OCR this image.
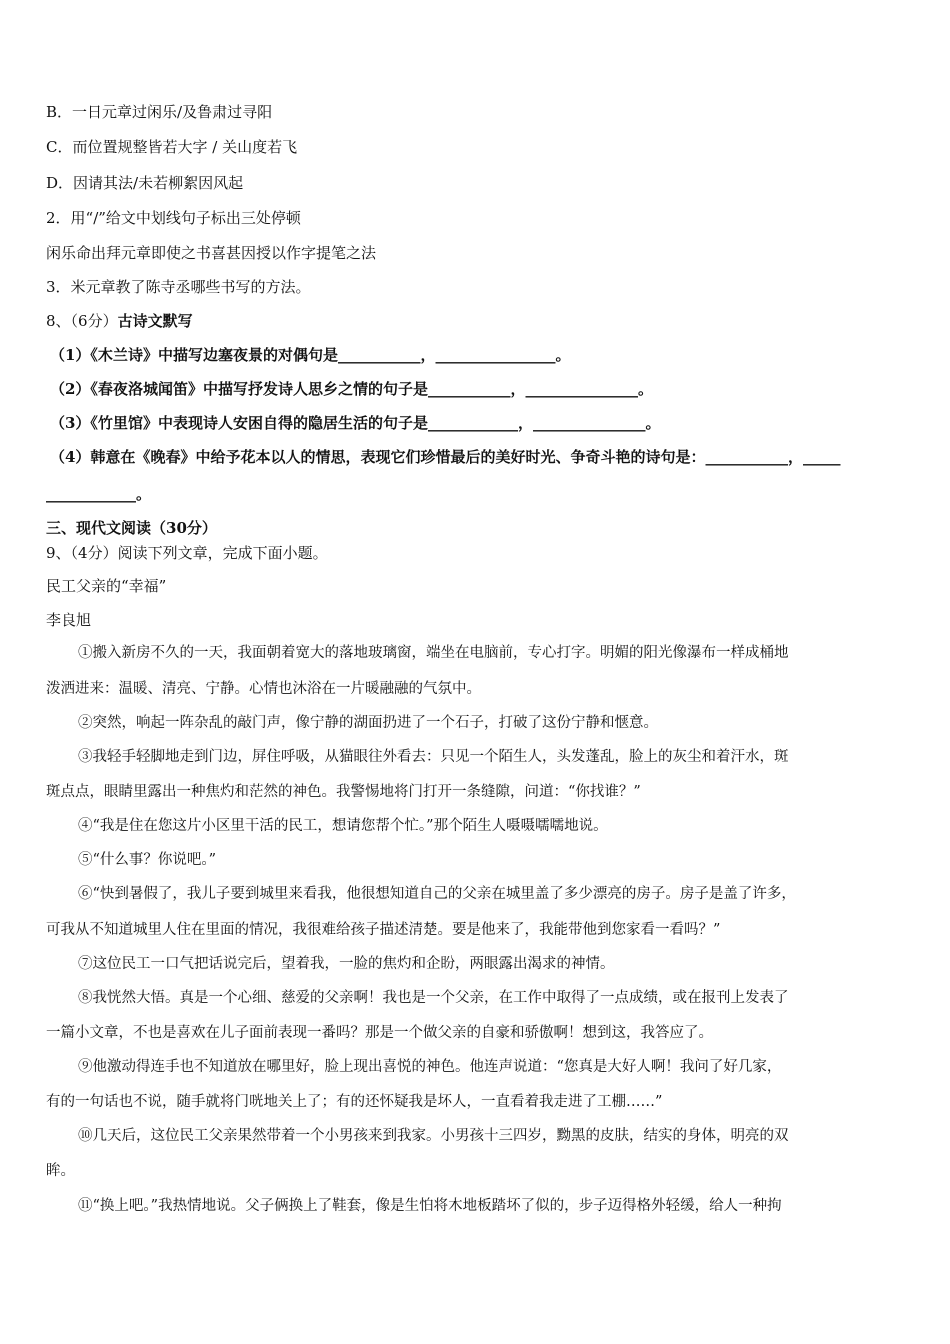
B．一日元章过闲乐/及鲁肃过寻阳
C．而位置规整皆若大字 / 关山度若飞
D．因请其法/未若柳絮因风起
2．用“/”给文中划线句子标出三处停顿
闲乐命出拜元章即使之书喜甚因授以作字提笔之法
3．米元章教了陈寺丞哪些书写的方法。
8、（6分）古诗文默写
（1）《木兰诗》中描写边塞夜景的对偶句是___________，________________。
（2）《春夜洛城闻笛》中描写抒发诗人思乡之情的句子是___________，_______________。
（3）《竹里馆》中表现诗人安困自得的隐居生活的句子是____________，_______________。
（4）韩意在《晚春》中给予花本以人的情思，表现它们珍惜最后的美好时光、争奇斗艳的诗句是：___________，_____
____________。
三、现代文阅读（30分）
9、（4分）阅读下列文章，完成下面小题。
民工父亲的“幸福”
李良旭
①搬入新房不久的一天，我面朝着宽大的落地玻璃窗，端坐在电脑前，专心打字。明媚的阳光像瀑布一样成桶地
泼洒进来：温暖、清亮、宁静。心情也沐浴在一片暖融融的气氛中。
②突然，响起一阵杂乱的敲门声，像宁静的湖面扔进了一个石子，打破了这份宁静和惬意。
③我轻手轻脚地走到门边，屏住呼吸，从猫眼往外看去：只见一个陌生人，头发蓬乱，脸上的灰尘和着汗水，斑
斑点点，眼睛里露出一种焦灼和茫然的神色。我警惕地将门打开一条缝隙，问道：“你找谁？”
④“我是住在您这片小区里干活的民工，想请您帮个忙。”那个陌生人嗫嗫嚅嚅地说。
⑤“什么事？你说吧。”
⑥“快到暑假了，我儿子要到城里来看我，他很想知道自己的父亲在城里盖了多少漂亮的房子。房子是盖了许多，
可我从不知道城里人住在里面的情况，我很难给孩子描述清楚。要是他来了，我能带他到您家看一看吗？”
⑦这位民工一口气把话说完后，望着我，一脸的焦灼和企盼，两眼露出渴求的神情。
⑧我恍然大悟。真是一个心细、慈爱的父亲啊！我也是一个父亲，在工作中取得了一点成绩，或在报刊上发表了
一篇小文章，不也是喜欢在儿子面前表现一番吗？那是一个做父亲的自豪和骄傲啊！想到这，我答应了。
⑨他激动得连手也不知道放在哪里好，脸上现出喜悦的神色。他连声说道：“您真是大好人啊！我问了好几家，
有的一句话也不说，随手就将门咣地关上了；有的还怀疑我是坏人，一直看着我走进了工棚……”
⑩几天后，这位民工父亲果然带着一个小男孩来到我家。小男孩十三四岁，黝黑的皮肤，结实的身体，明亮的双
眸。
⑪“换上吧。”我热情地说。父子俩换上了鞋套，像是生怕将木地板踏坏了似的，步子迈得格外轻缓，给人一种拘
